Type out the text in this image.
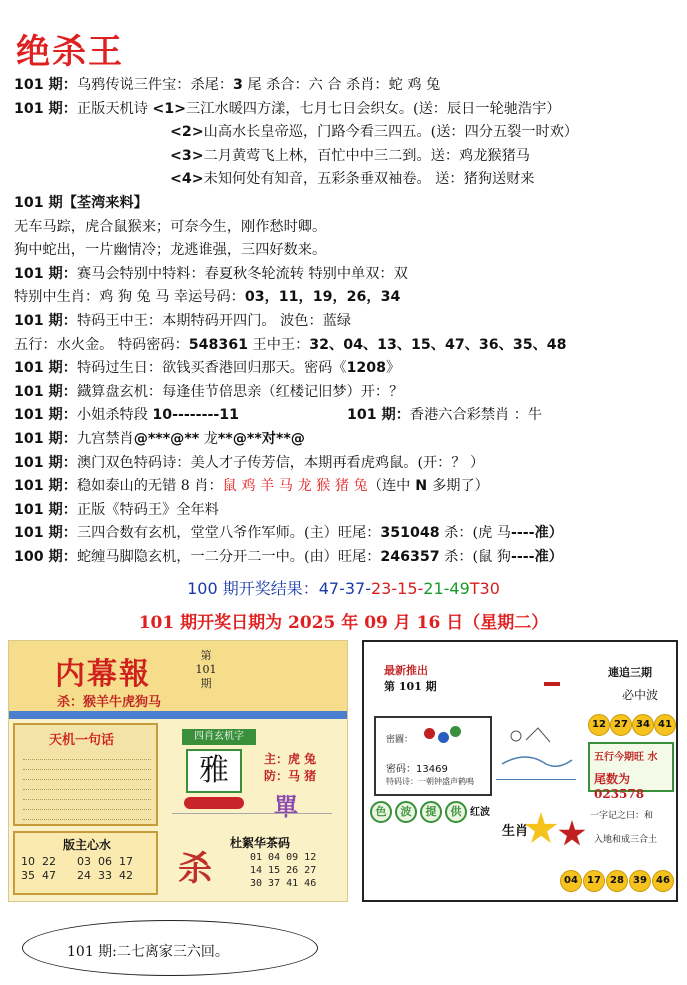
绝杀王
101 期：乌鸦传说三件宝：杀尾：3 尾 杀合：六 合 杀肖：蛇 鸡 兔
101 期：正版天机诗 <1>三江水暖四方漾，七月七日会织女。(送：辰日一轮驰浩宇）
<2>山高水长皇帝巡，门路今看三四五。(送：四分五裂一时欢）
<3>二月黄莺飞上林，百忙中中三二到。送：鸡龙猴猪马
<4>未知何处有知音，五彩条垂双袖卷。 送：猪狗送财来
101 期【荃湾来料】
无车马踪，虎合鼠猴来；可奈今生，刚作愁时卿。
狗中蛇出，一片幽情冷；龙逃谁强，三四好数来。
101 期：赛马会特别中特料：春夏秋冬轮流转 特别中单双：双
特别中生肖：鸡 狗 兔 马 幸运号码：03，11，19，26，34
101 期：特码王中王：本期特码开四门。 波色：蓝绿
五行：水火金。 特码密码：548361 王中王：32、04、13、15、47、36、35、48
101 期：特码过生日：欲钱买香港回归那天。密码《1208》
101 期：鐡算盘玄机：每逢佳节倍思亲（红楼记旧梦）开：？
101 期：小姐杀特段 10--------11	101 期：香港六合彩禁肖 ：牛
101 期：九宫禁肖@***@** 龙**@**对**@
101 期：澳门双色特码诗：美人才子传芳信，本期再看虎鸡鼠。(开：？ ）
101 期：稳如泰山的无错 8 肖：鼠 鸡 羊 马 龙 猴 猪 兔（连中 N 多期了）
101 期：正版《特码王》全年料
101 期：三四合数有玄机，堂堂八爷作军师。(主）旺尾：351048 杀：(虎 马----准）
100 期：蛇缠马脚隐玄机，一二分开二一中。(由）旺尾：246357 杀：(鼠 狗----准）
100 期开奖结果：47-37-23-15-21-49T30
101 期开奖日期为 2025 年 09 月 16 日（星期二）
内幕報
第 101 期
杀：猴羊牛虎狗马
天机一句话
版主心水
10  22      03  06  17
35  47      24  33  42
四肖玄机字
雅	主：虎 兔
防：马 猪
單
杀
杜絮华茶码
01 04 09 12
14 15 26 27
30 37 41 46
最新推出
第 101 期
連追三期
必中波
密圖：
密码：13469
特码诗：一朝钟盛声鹤鳴
12 27 34 41
五行今期旺 水
尾数为 023578
色 波 提 供 红波
生肖
一字记之曰：和
入地和成三合土
04 17 28 39 46
101 期:二七离家三六回。
